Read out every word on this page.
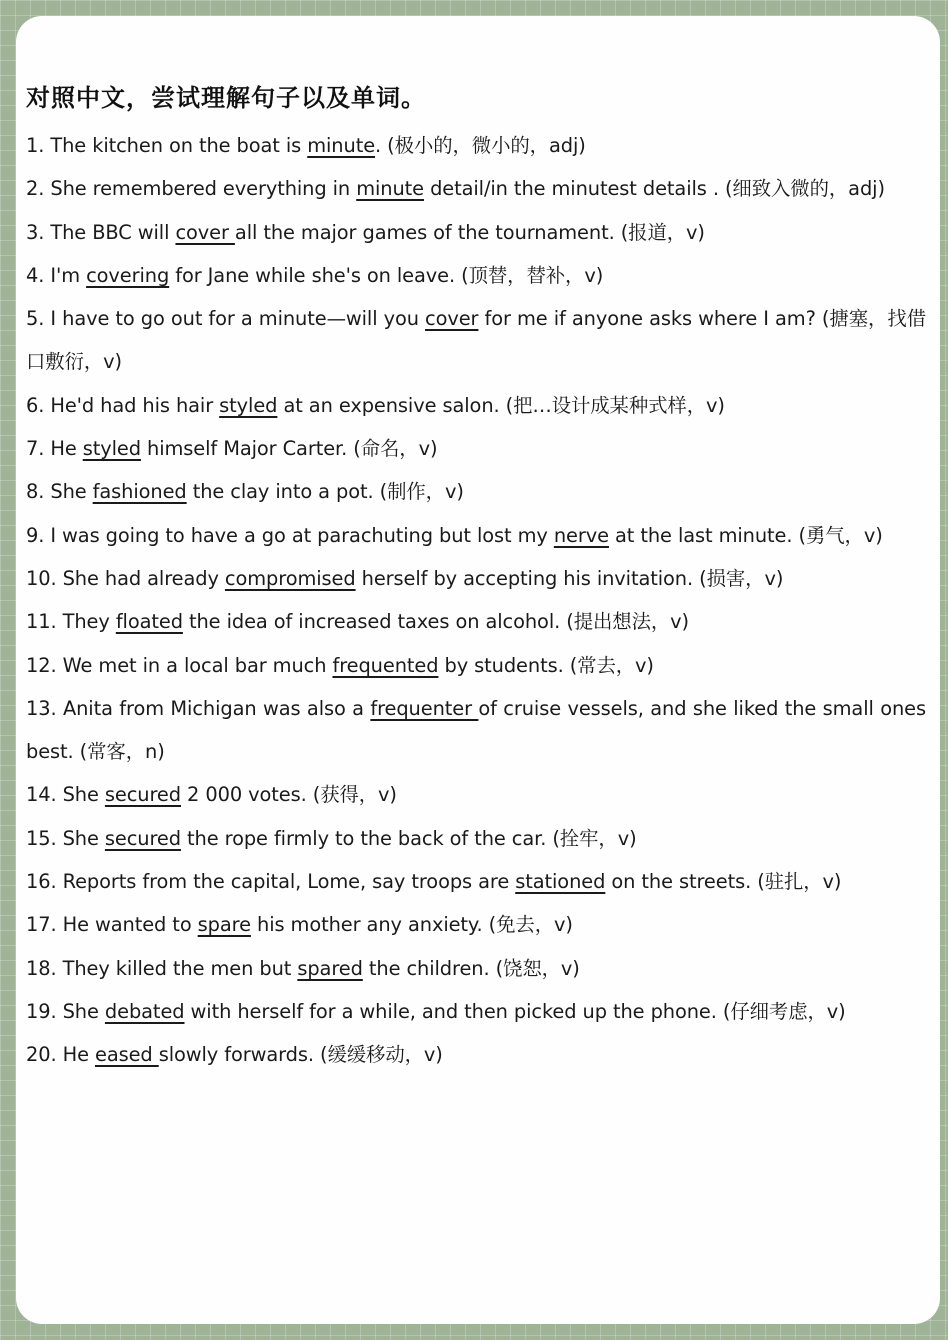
对照中文，尝试理解句子以及单词。
1. The kitchen on the boat is minute. (极小的，微小的，adj)
2. She remembered everything in minute detail/in the minutest details . (细致入微的，adj)
3. The BBC will cover all the major games of the tournament. (报道，v)
4. I'm covering for Jane while she's on leave. (顶替，替补，v)
5. I have to go out for a minute—will you cover for me if anyone asks where I am? (搪塞，找借口敷衍，v)
6. He'd had his hair styled at an expensive salon. (把…设计成某种式样，v)
7. He styled himself Major Carter. (命名，v)
8. She fashioned the clay into a pot. (制作，v)
9. I was going to have a go at parachuting but lost my nerve at the last minute. (勇气，v)
10. She had already compromised herself by accepting his invitation. (损害，v)
11. They floated the idea of increased taxes on alcohol. (提出想法，v)
12. We met in a local bar much frequented by students. (常去，v)
13. Anita from Michigan was also a frequenter of cruise vessels, and she liked the small ones best. (常客，n)
14. She secured 2 000 votes. (获得，v)
15. She secured the rope firmly to the back of the car. (拴牢，v)
16. Reports from the capital, Lome, say troops are stationed on the streets. (驻扎，v)
17. He wanted to spare his mother any anxiety. (免去，v)
18. They killed the men but spared the children. (饶恕，v)
19. She debated with herself for a while, and then picked up the phone. (仔细考虑，v)
20. He eased slowly forwards. (缓缓移动，v)
